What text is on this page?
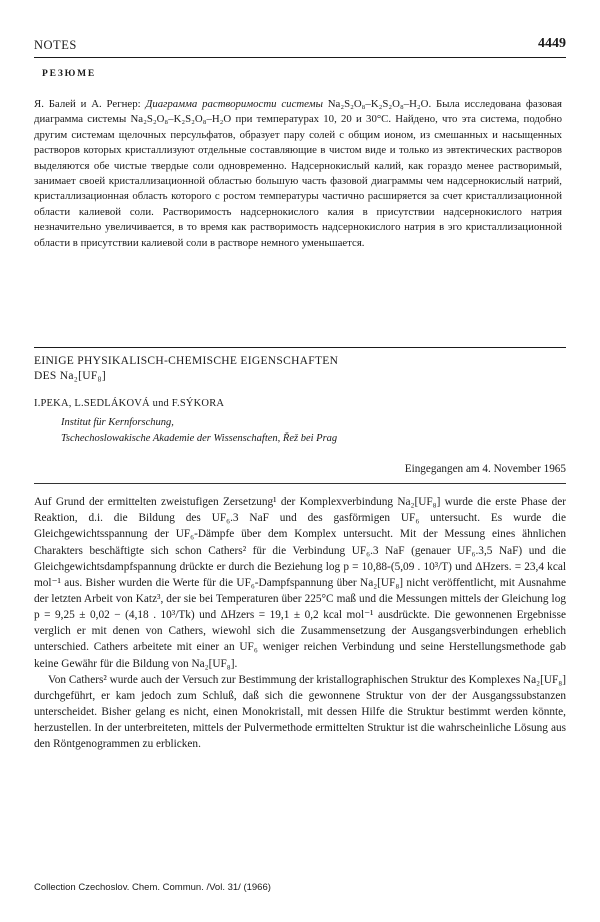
NOTES	4449
РЕЗЮМЕ
Я. Балей и А. Регнер: Диаграмма растворимости системы Na₂S₂O₈–K₂S₂O₈–H₂O. Была исследована фазовая диаграмма системы Na₂S₂O₈–K₂S₂O₈–H₂O при температурах 10, 20 и 30°C. Найдено, что эта система, подобно другим системам щелочных персульфатов, образует пару солей с общим ионом, из смешанных и насыщенных растворов которых кристаллизуют отдельные составляющие в чистом виде и только из эвтектических растворов выделяются обе чистые твердые соли одновременно. Надсернокислый калий, как гораздо менее растворимый, занимает своей кристаллизационной областью большую часть фазовой диаграммы чем надсернокислый натрий, кристаллизационная область которого с ростом температуры частично расширяется за счет кристаллизационной области калиевой соли. Растворимость надсернокислого калия в присутствии надсернокислого натрия незначительно увеличивается, в то время как растворимость надсернокислого натрия в эго кристаллизационной области в присутствии калиевой соли в растворе немного уменьшается.
EINIGE PHYSIKALISCH-CHEMISCHE EIGENSCHAFTEN
DES Na₂[UF₈]
I.PEKA, L.SEDLÁKOVÁ und F.SÝKORA
Institut für Kernforschung,
Tschechoslowakische Akademie der Wissenschaften, Řež bei Prag
Eingegangen am 4. November 1965

Auf Grund der ermittelten zweistufigen Zersetzung¹ der Komplexverbindung Na₂[UF₈] wurde die erste Phase der Reaktion, d.i. die Bildung des UF₆.3 NaF und des gasförmigen UF₆ untersucht. Es wurde die Gleichgewichtsspannung der UF₆-Dämpfe über dem Komplex untersucht. Mit der Messung eines ähnlichen Charakters beschäftigte sich schon Cathers² für die Verbindung UF₆.3 NaF (genauer UF₆.3,5 NaF) und die Gleichgewichtsdampfspannung drückte er durch die Beziehung log p = 10,88-(5,09 . 10³/T) und ΔHzers. = 23,4 kcal mol⁻¹ aus. Bisher wurden die Werte für die UF₆-Dampfspannung über Na₂[UF₈] nicht veröffentlicht, mit Ausnahme der letzten Arbeit von Katz³, der sie bei Temperaturen über 225°C maß und die Messungen mittels der Gleichung log p = 9,25 ± 0,02 − (4,18 . 10³/Tk) und ΔHzers = 19,1 ± 0,2 kcal mol⁻¹ ausdrückte. Die gewonnenen Ergebnisse verglich er mit denen von Cathers, wiewohl sich die Zusammensetzung der Ausgangsverbindungen erheblich unterschied. Cathers arbeitete mit einer an UF₆ weniger reichen Verbindung und seine Herstellungsmethode gab keine Gewähr für die Bildung von Na₂[UF₈].

Von Cathers² wurde auch der Versuch zur Bestimmung der kristallographischen Struktur des Komplexes Na₂[UF₈] durchgeführt, er kam jedoch zum Schluß, daß sich die gewonnene Struktur von der der Ausgangssubstanzen unterscheidet. Bisher gelang es nicht, einen Monokristall, mit dessen Hilfe die Struktur bestimmt werden könnte, herzustellen. In der unterbreiteten, mittels der Pulvermethode ermittelten Struktur ist die wahrscheinliche Lösung aus den Röntgenogrammen zu erblicken.

Collection Czechoslov. Chem. Commun. /Vol. 31/ (1966)
